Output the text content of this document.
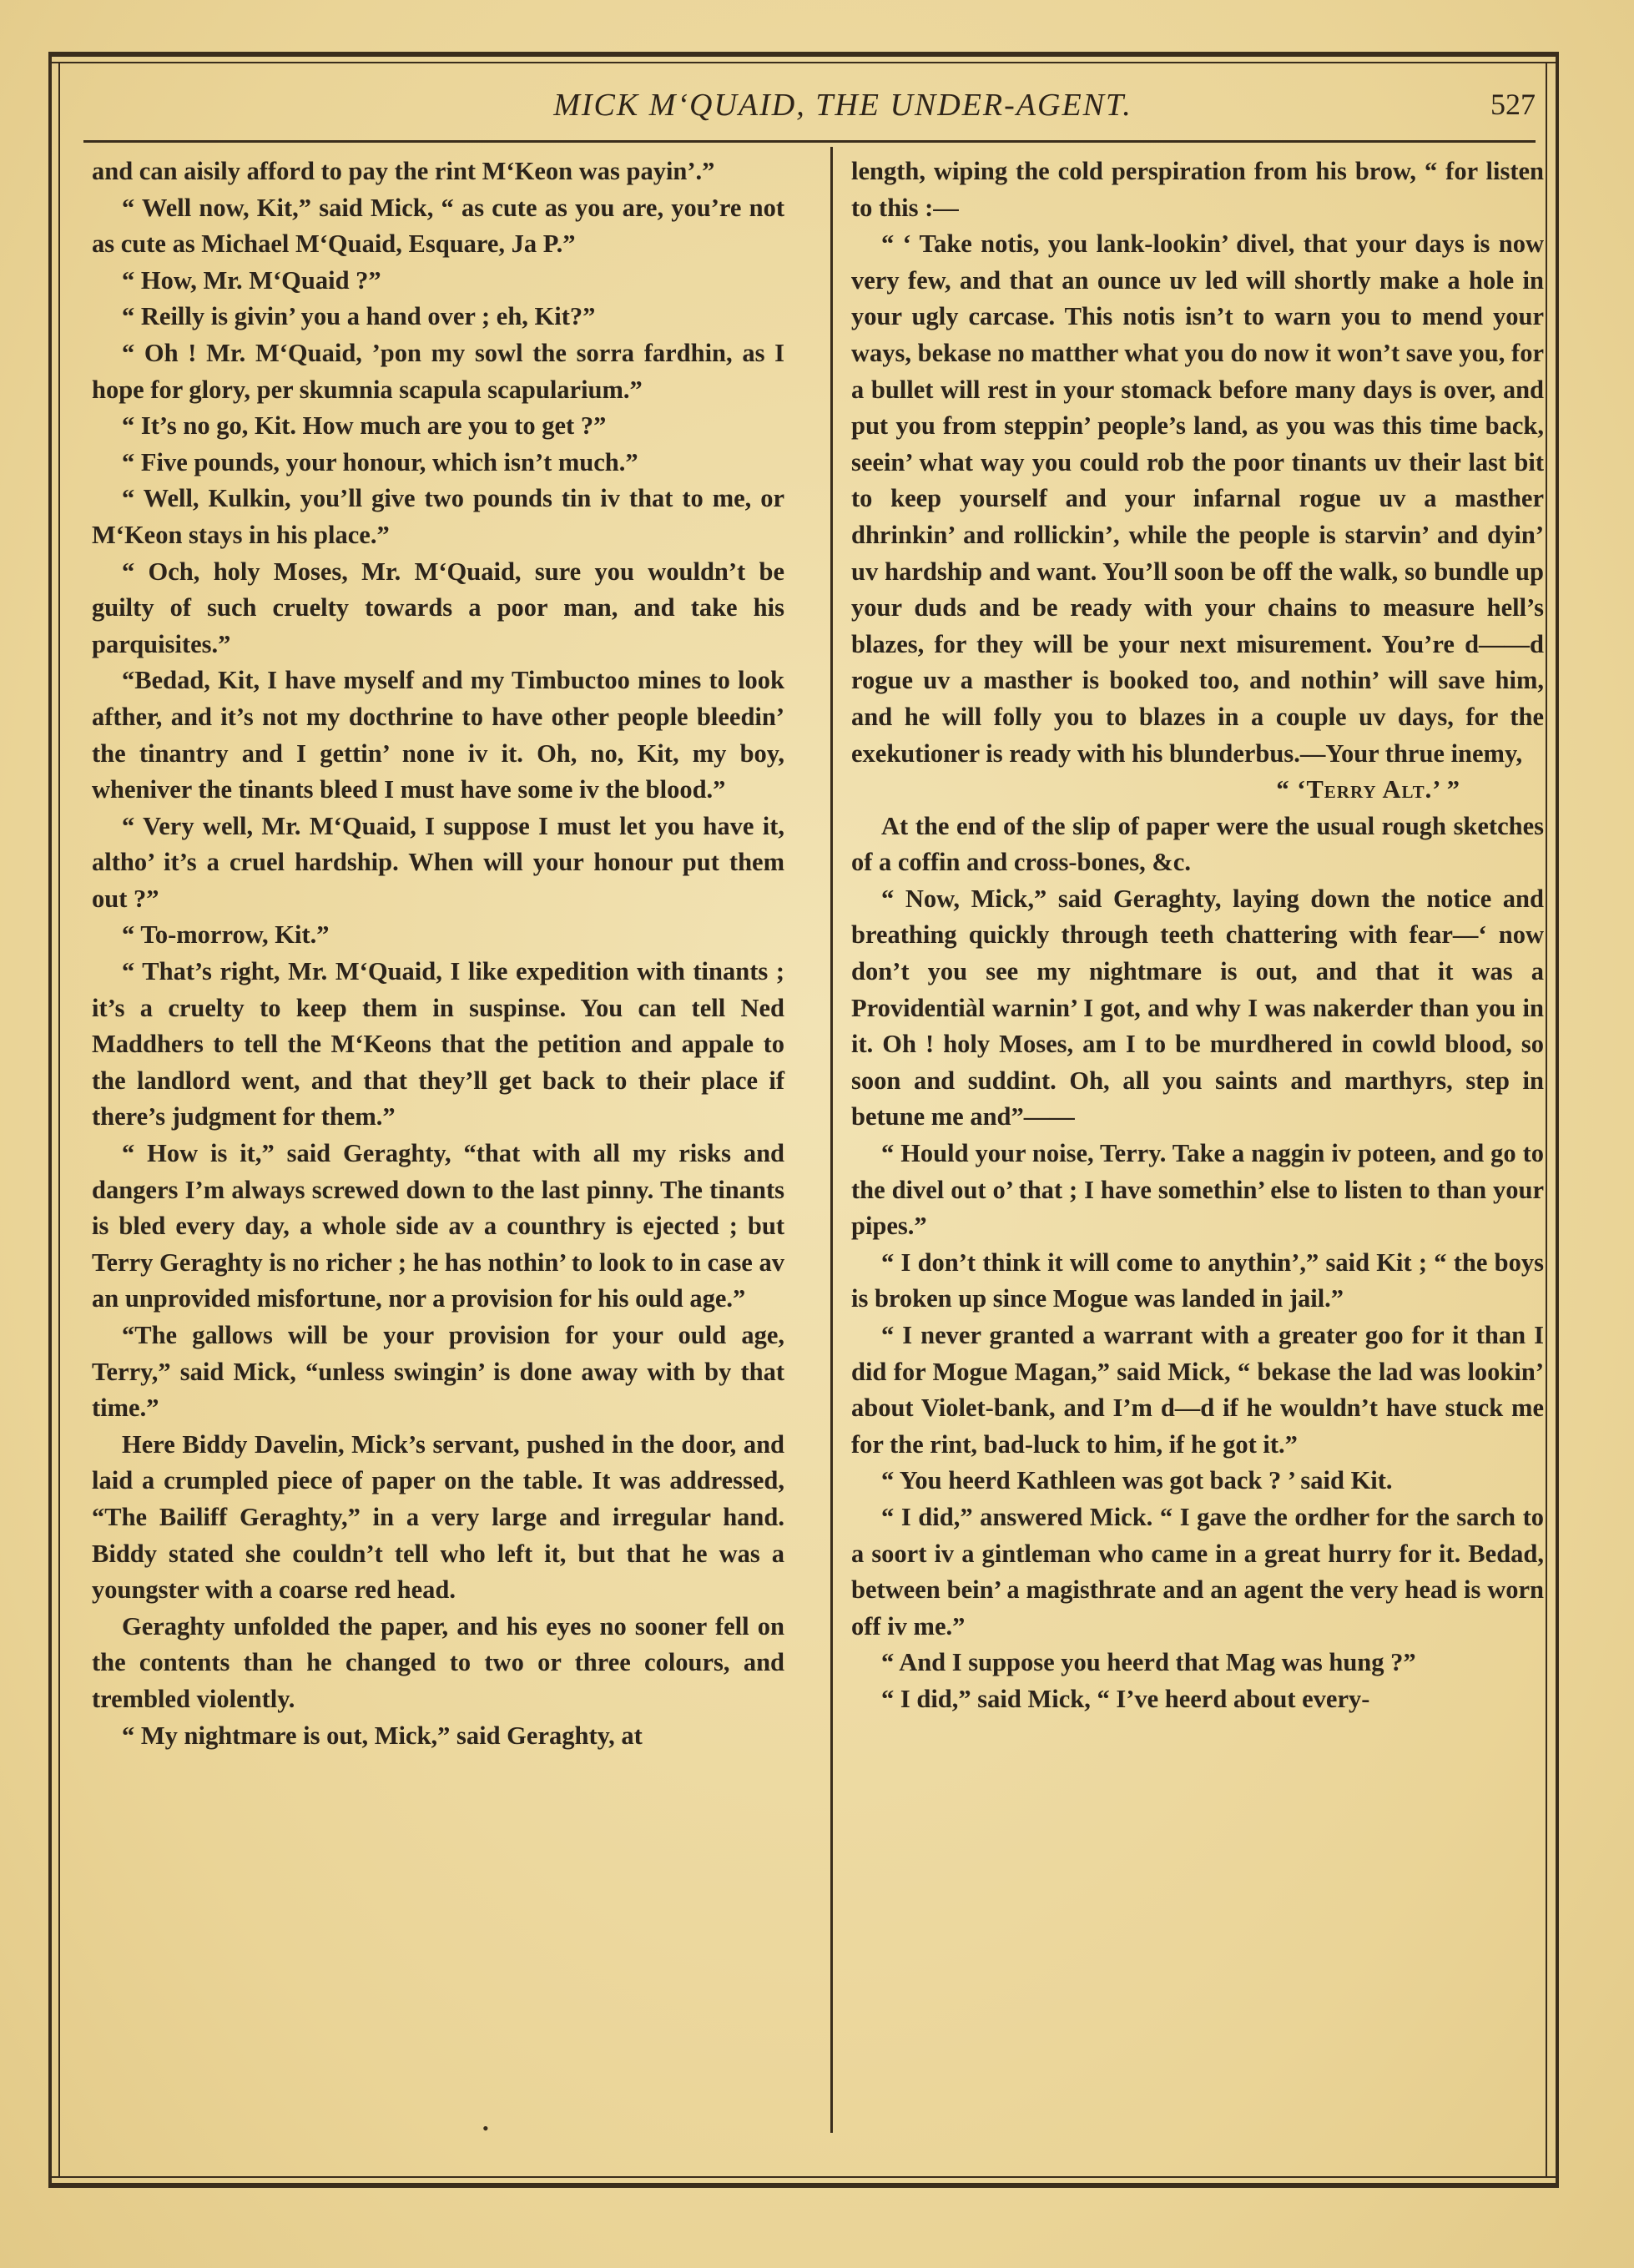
MICK M‘QUAID, THE UNDER-AGENT.	527

and can aisily afford to pay the rint M‘Keon was payin’.”

“ Well now, Kit,” said Mick, “ as cute as you are, you’re not as cute as Michael M‘Quaid, Esquare, Ja P.”

“ How, Mr. M‘Quaid ?”

“ Reilly is givin’ you a hand over ; eh, Kit?”

“ Oh ! Mr. M‘Quaid, ’pon my sowl the sorra fardhin, as I hope for glory, per skumnia scapula scapularium.”

“ It’s no go, Kit. How much are you to get ?”

“ Five pounds, your honour, which isn’t much.”

“ Well, Kulkin, you’ll give two pounds tin iv that to me, or M‘Keon stays in his place.”

“ Och, holy Moses, Mr. M‘Quaid, sure you wouldn’t be guilty of such cruelty towards a poor man, and take his parquisites.”

“Bedad, Kit, I have myself and my Timbuctoo mines to look afther, and it’s not my docthrine to have other people bleedin’ the tinantry and I gettin’ none iv it. Oh, no, Kit, my boy, wheniver the tinants bleed I must have some iv the blood.”

“ Very well, Mr. M‘Quaid, I suppose I must let you have it, altho’ it’s a cruel hardship. When will your honour put them out ?”

“ To-morrow, Kit.”

“ That’s right, Mr. M‘Quaid, I like expedition with tinants ; it’s a cruelty to keep them in suspinse. You can tell Ned Maddhers to tell the M‘Keons that the petition and appale to the landlord went, and that they’ll get back to their place if there’s judgment for them.”

“ How is it,” said Geraghty, “that with all my risks and dangers I’m always screwed down to the last pinny. The tinants is bled every day, a whole side av a counthry is ejected ; but Terry Geraghty is no richer ; he has nothin’ to look to in case av an unprovided misfortune, nor a provision for his ould age.”

“The gallows will be your provision for your ould age, Terry,” said Mick, “unless swingin’ is done away with by that time.”

Here Biddy Davelin, Mick’s servant, pushed in the door, and laid a crumpled piece of paper on the table. It was addressed, “The Bailiff Geraghty,” in a very large and irregular hand. Biddy stated she couldn’t tell who left it, but that he was a youngster with a coarse red head.

Geraghty unfolded the paper, and his eyes no sooner fell on the contents than he changed to two or three colours, and trembled violently.

“ My nightmare is out, Mick,” said Geraghty, at

length, wiping the cold perspiration from his brow, “ for listen to this :—

“ ‘ Take notis, you lank-lookin’ divel, that your days is now very few, and that an ounce uv led will shortly make a hole in your ugly carcase. This notis isn’t to warn you to mend your ways, bekase no matther what you do now it won’t save you, for a bullet will rest in your stomack before many days is over, and put you from steppin’ people’s land, as you was this time back, seein’ what way you could rob the poor tinants uv their last bit to keep yourself and your infarnal rogue uv a masther dhrinkin’ and rollickin’, while the people is starvin’ and dyin’ uv hardship and want. You’ll soon be off the walk, so bundle up your duds and be ready with your chains to measure hell’s blazes, for they will be your next misurement. You’re d——d rogue uv a masther is booked too, and nothin’ will save him, and he will folly you to blazes in a couple uv days, for the exekutioner is ready with his blunderbus.—Your thrue inemy,

“ ‘Terry Alt.’ ”

At the end of the slip of paper were the usual rough sketches of a coffin and cross-bones, &c.

“ Now, Mick,” said Geraghty, laying down the notice and breathing quickly through teeth chattering with fear—‘ now don’t you see my nightmare is out, and that it was a Providentiàl warnin’ I got, and why I was nakerder than you in it. Oh ! holy Moses, am I to be murdhered in cowld blood, so soon and suddint. Oh, all you saints and marthyrs, step in betune me and”——

“ Hould your noise, Terry. Take a naggin iv poteen, and go to the divel out o’ that ; I have somethin’ else to listen to than your pipes.”

“ I don’t think it will come to anythin’,” said Kit ; “ the boys is broken up since Mogue was landed in jail.”

“ I never granted a warrant with a greater goo for it than I did for Mogue Magan,” said Mick, “ bekase the lad was lookin’ about Violet-bank, and I’m d—d if he wouldn’t have stuck me for the rint, bad-luck to him, if he got it.”

“ You heerd Kathleen was got back ? ’ said Kit.

“ I did,” answered Mick. “ I gave the ordher for the sarch to a soort iv a gintleman who came in a great hurry for it. Bedad, between bein’ a magisthrate and an agent the very head is worn off iv me.”

“ And I suppose you heerd that Mag was hung ?”

“ I did,” said Mick, “ I’ve heerd about every-

•
